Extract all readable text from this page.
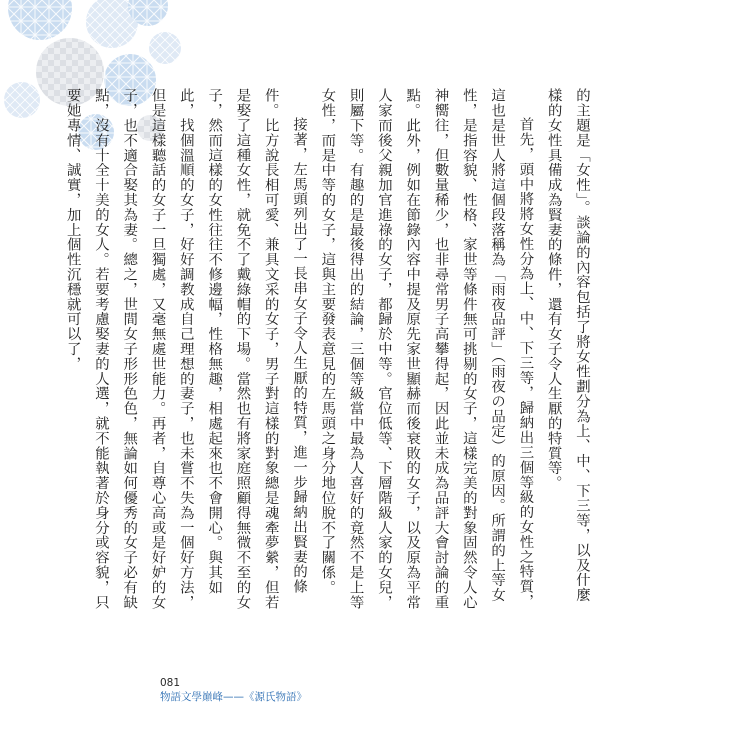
的主題是「女性」。談論的內容包括了將女性劃分為上、中、下三等，以及什麼樣的女性具備成為賢妻的條件，還有女子令人生厭的特質等。

首先，頭中將將女性分為上、中、下三等，歸納出三個等級的女性之特質，這也是世人將這個段落稱為「雨夜品評」（雨夜の品定）的原因。所謂的上等女性，是指容貌、性格、家世等條件無可挑剔的女子，這樣完美的對象固然令人心神嚮往，但數量稀少，也非尋常男子高攀得起，因此並未成為品評大會討論的重點。此外，例如在節錄內容中提及原先家世顯赫而後衰敗的女子，以及原為平常人家而後父親加官進祿的女子，都歸於中等。官位低等、下層階級人家的女兒，則屬下等。有趣的是最後得出的結論，三個等級當中最為人喜好的竟然不是上等女性，而是中等的女子，這與主要發表意見的左馬頭之身分地位脫不了關係。

接著，左馬頭列出了一長串女子令人生厭的特質，進一步歸納出賢妻的條件。比方說長相可愛、兼具文采的女子，男子對這樣的對象總是魂牽夢縈，但若是娶了這種女性，就免不了戴綠帽的下場。當然也有將家庭照顧得無微不至的女子，然而這樣的女性往往不修邊幅，性格無趣，相處起來也不會開心。與其如此，找個溫順的女子，好好調教成自己理想的妻子，也未嘗不失為一個好方法，但是這樣聽話的女子一旦獨處，又毫無處世能力。再者，自尊心高或是好妒的女子，也不適合娶其為妻。總之，世間女子形形色色，無論如何優秀的女子必有缺點，沒有十全十美的女人。若要考慮娶妻的人選，就不能執著於身分或容貌，只要她專情、誠實，加上個性沉穩就可以了，

081
物語文學巔峰——《源氏物語》
